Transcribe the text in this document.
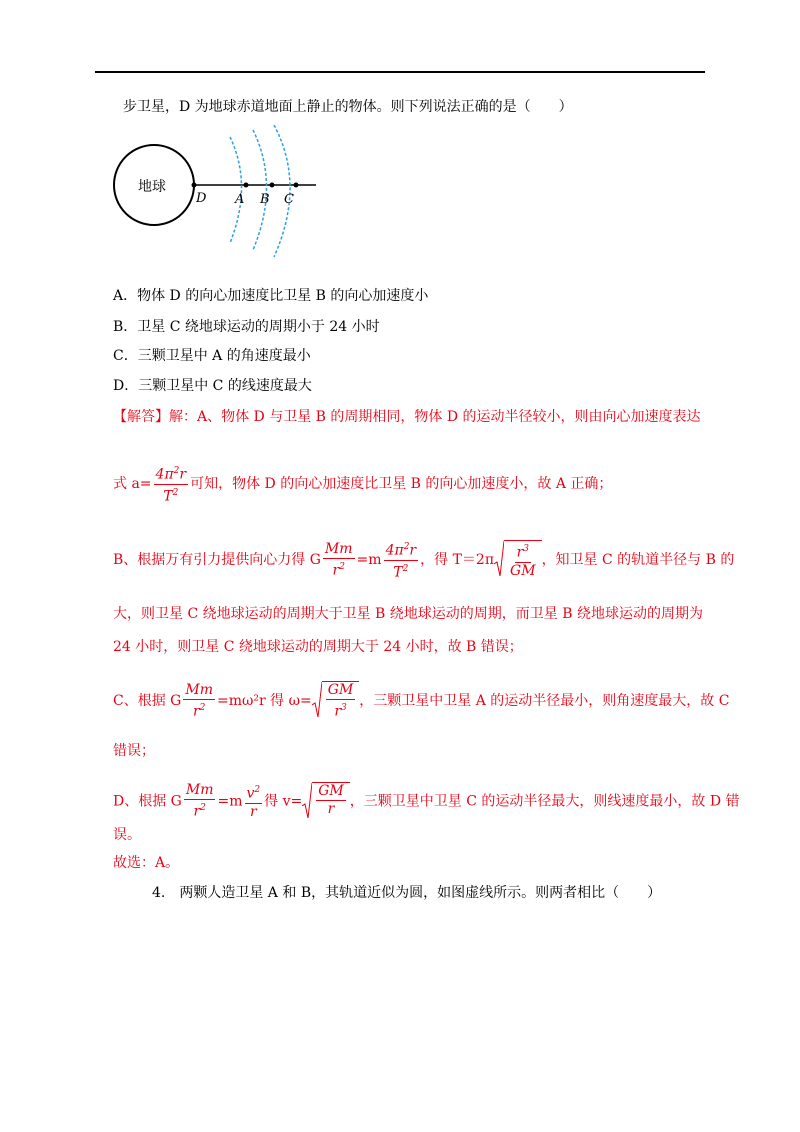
步卫星，D 为地球赤道地面上静止的物体。则下列说法正确的是（　　）
地球
D A B C
A．物体 D 的向心加速度比卫星 B 的向心加速度小
B．卫星 C 绕地球运动的周期小于 24 小时
C．三颗卫星中 A 的角速度最小
D．三颗卫星中 C 的线速度最大
【解答】解：A、物体 D 与卫星 B 的周期相同，物体 D 的运动半径较小，则由向心加速度表达
式 $a= \frac{4\pi^2r}{T^2}$ 可知，物体 D 的向心加速度比卫星 B 的向心加速度小，故 A 正确；
B、根据万有引力提供向心力得 G $\frac{Mm}{r^2} =m \frac{4\pi^2r}{T^2}$ ，得 $T=2\pi \frac{r^3}{GM}$ ，知卫星 C 的轨道半径与 B 的
大，则卫星 C 绕地球运动的周期大于卫星 B 绕地球运动的周期，而卫星 B 绕地球运动的周期为
24 小时，则卫星 C 绕地球运动的周期大于 24 小时，故 B 错误；
C、根据 G $\frac{Mm}{r^2} =m\omega^2r$ 得 $\omega= \frac{GM}{r^3}$ ，三颗卫星中卫星 A 的运动半径最小，则角速度最大，故 C
错误；
D、根据 G $\frac{Mm}{r^2} =m \frac{v^2}{r}$ 得 $v= \frac{GM}{r}$ ，三颗卫星中卫星 C 的运动半径最大，则线速度最小，故 D 错
误。
故选：A。
4.　两颗人造卫星 A 和 B，其轨道近似为圆，如图虚线所示。则两者相比（　　）
